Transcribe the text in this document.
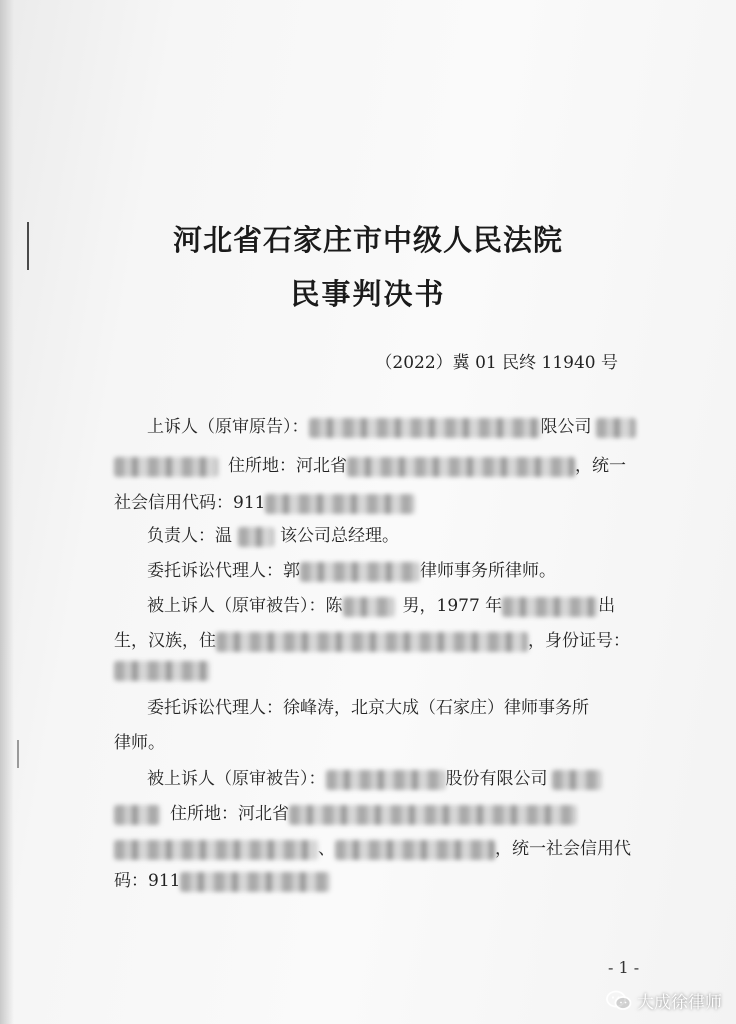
河北省石家庄市中级人民法院
民事判决书
（2022）冀 01 民终 11940 号
上诉人（原审原告）：	限公司
住所地：河北省	，统一
社会信用代码：911
负责人：温	该公司总经理。
委托诉讼代理人：郭	律师事务所律师。
被上诉人（原审被告）：陈	男，1977 年	出
生，汉族，住	，身份证号：
委托诉讼代理人：徐峰涛，北京大成（石家庄）律师事务所
律师。
被上诉人（原审被告）：	股份有限公司
住所地：河北省
、	，统一社会信用代
码：911
- 1 -
大成徐律师
